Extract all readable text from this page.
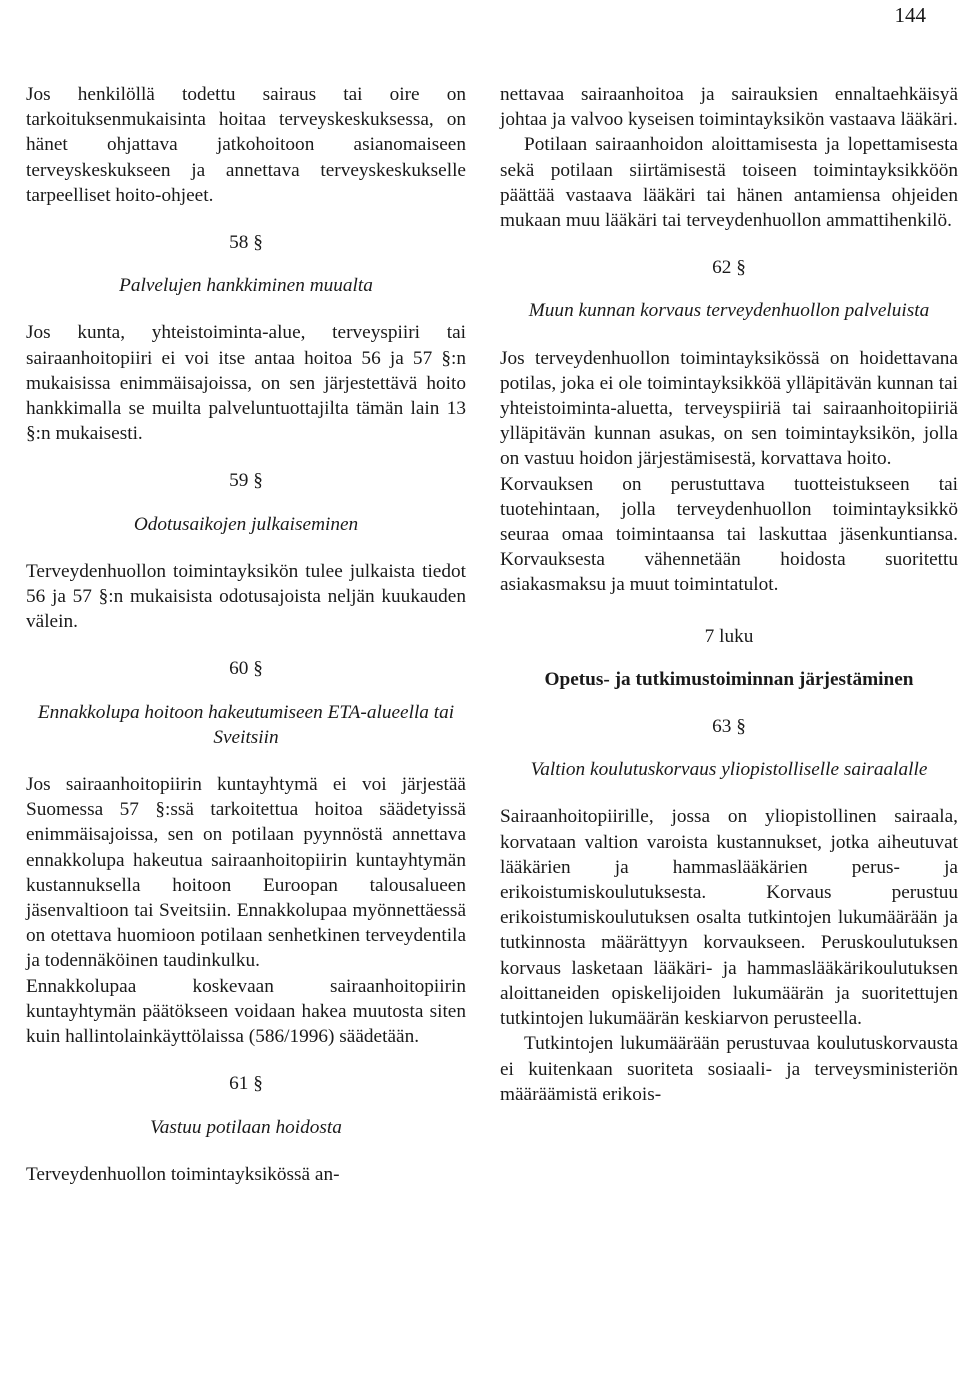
144

Jos henkilöllä todettu sairaus tai oire on tarkoituksenmukaisinta hoitaa terveyskeskuksessa, on hänet ohjattava jatkohoitoon asianomaiseen terveyskeskukseen ja annettava terveyskeskukselle tarpeelliset hoito-ohjeet.

58 §
Palvelujen hankkiminen muualta

Jos kunta, yhteistoiminta-alue, terveyspiiri tai sairaanhoitopiiri ei voi itse antaa hoitoa 56 ja 57 §:n mukaisissa enimmäisajoissa, on sen järjestettävä hoito hankkimalla se muilta palveluntuottajilta tämän lain 13 §:n mukaisesti.

59 §
Odotusaikojen julkaiseminen

Terveydenhuollon toimintayksikön tulee julkaista tiedot 56 ja 57 §:n mukaisista odotusajoista neljän kuukauden välein.

60 §
Ennakkolupa hoitoon hakeutumiseen ETA-alueella tai Sveitsiin

Jos sairaanhoitopiirin kuntayhtymä ei voi järjestää Suomessa 57 §:ssä tarkoitettua hoitoa säädetyissä enimmäisajoissa, sen on potilaan pyynnöstä annettava ennakkolupa hakeutua sairaanhoitopiirin kuntayhtymän kustannuksella hoitoon Euroopan talousalueen jäsenvaltioon tai Sveitsiin. Ennakkolupaa myönnettäessä on otettava huomioon potilaan senhetkinen terveydentila ja todennäköinen taudinkulku.

Ennakkolupaa koskevaan sairaanhoitopiirin kuntayhtymän päätökseen voidaan hakea muutosta siten kuin hallintolainkäyttölaissa (586/1996) säädetään.

61 §
Vastuu potilaan hoidosta

Terveydenhuollon toimintayksikössä an-

nettavaa sairaanhoitoa ja sairauksien ennaltaehkäisyä johtaa ja valvoo kyseisen toimintayksikön vastaava lääkäri.

Potilaan sairaanhoidon aloittamisesta ja lopettamisesta sekä potilaan siirtämisestä toiseen toimintayksikköön päättää vastaava lääkäri tai hänen antamiensa ohjeiden mukaan muu lääkäri tai terveydenhuollon ammattihenkilö.

62 §
Muun kunnan korvaus terveydenhuollon palveluista

Jos terveydenhuollon toimintayksikössä on hoidettavana potilas, joka ei ole toimintayksikköä ylläpitävän kunnan tai yhteistoiminta-aluetta, terveyspiiriä tai sairaanhoitopiiriä ylläpitävän kunnan asukas, on sen toimintayksikön, jolla on vastuu hoidon järjestämisestä, korvattava hoito.

Korvauksen on perustuttava tuotteistukseen tai tuotehintaan, jolla terveydenhuollon toimintayksikkö seuraa omaa toimintaansa tai laskuttaa jäsenkuntiansa. Korvauksesta vähennetään hoidosta suoritettu asiakasmaksu ja muut toimintatulot.

7 luku
Opetus- ja tutkimustoiminnan järjestäminen
63 §
Valtion koulutuskorvaus yliopistolliselle sairaalalle

Sairaanhoitopiirille, jossa on yliopistollinen sairaala, korvataan valtion varoista kustannukset, jotka aiheutuvat lääkärien ja hammaslääkärien perus- ja erikoistumiskoulutuksesta. Korvaus perustuu erikoistumiskoulutuksen osalta tutkintojen lukumäärään ja tutkinnosta määrättyyn korvaukseen. Peruskoulutuksen korvaus lasketaan lääkäri- ja hammaslääkärikoulutuksen aloittaneiden opiskelijoiden lukumäärän ja suoritettujen tutkintojen lukumäärän keskiarvon perusteella.

Tutkintojen lukumäärään perustuvaa koulutuskorvausta ei kuitenkaan suoriteta sosiaali- ja terveysministeriön määräämistä erikois-
